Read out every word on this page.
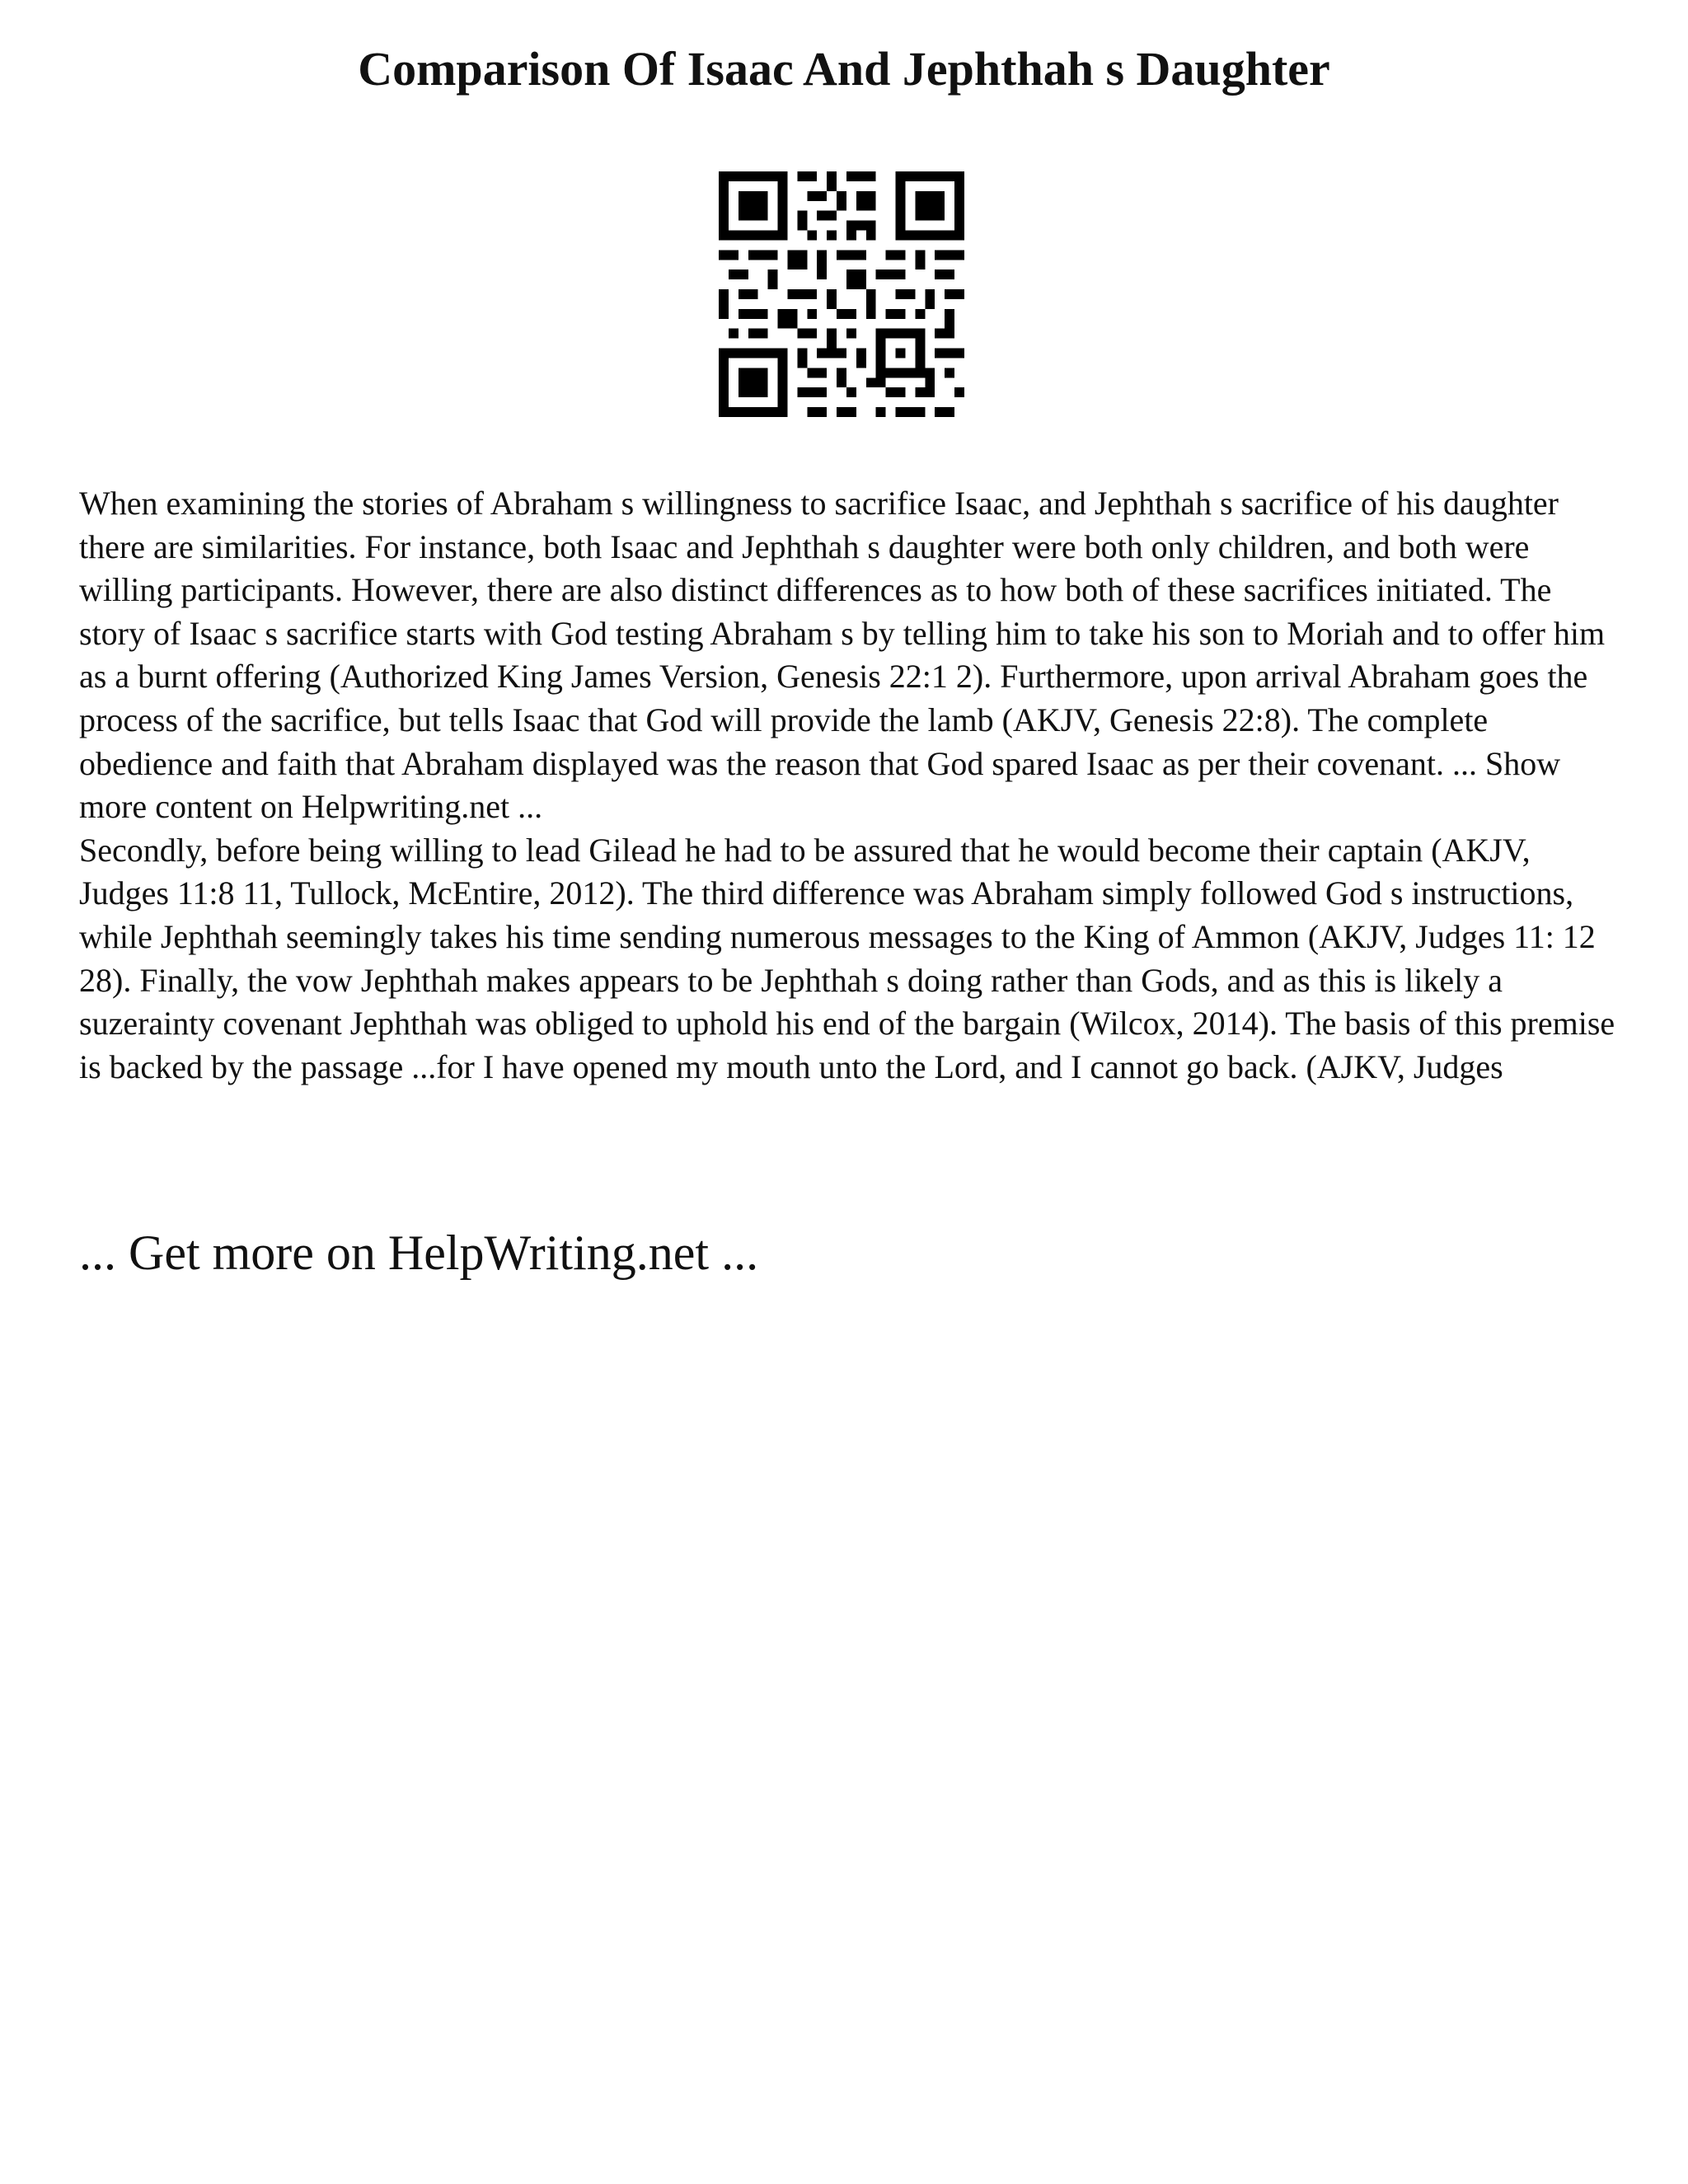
Comparison Of Isaac And Jephthah s Daughter

When examining the stories of Abraham s willingness to sacrifice Isaac, and Jephthah s sacrifice of his daughter there are similarities. For instance, both Isaac and Jephthah s daughter were both only children, and both were willing participants. However, there are also distinct differences as to how both of these sacrifices initiated. The story of Isaac s sacrifice starts with God testing Abraham s by telling him to take his son to Moriah and to offer him as a burnt offering (Authorized King James Version, Genesis 22:1 2). Furthermore, upon arrival Abraham goes the process of the sacrifice, but tells Isaac that God will provide the lamb (AKJV, Genesis 22:8). The complete obedience and faith that Abraham displayed was the reason that God spared Isaac as per their covenant. ... Show more content on Helpwriting.net ...

Secondly, before being willing to lead Gilead he had to be assured that he would become their captain (AKJV, Judges 11:8 11, Tullock, McEntire, 2012). The third difference was Abraham simply followed God s instructions, while Jephthah seemingly takes his time sending numerous messages to the King of Ammon (AKJV, Judges 11: 12 28). Finally, the vow Jephthah makes appears to be Jephthah s doing rather than Gods, and as this is likely a suzerainty covenant Jephthah was obliged to uphold his end of the bargain (Wilcox, 2014). The basis of this premise is backed by the passage ...for I have opened my mouth unto the Lord, and I cannot go back. (AJKV, Judges

... Get more on HelpWriting.net ...
